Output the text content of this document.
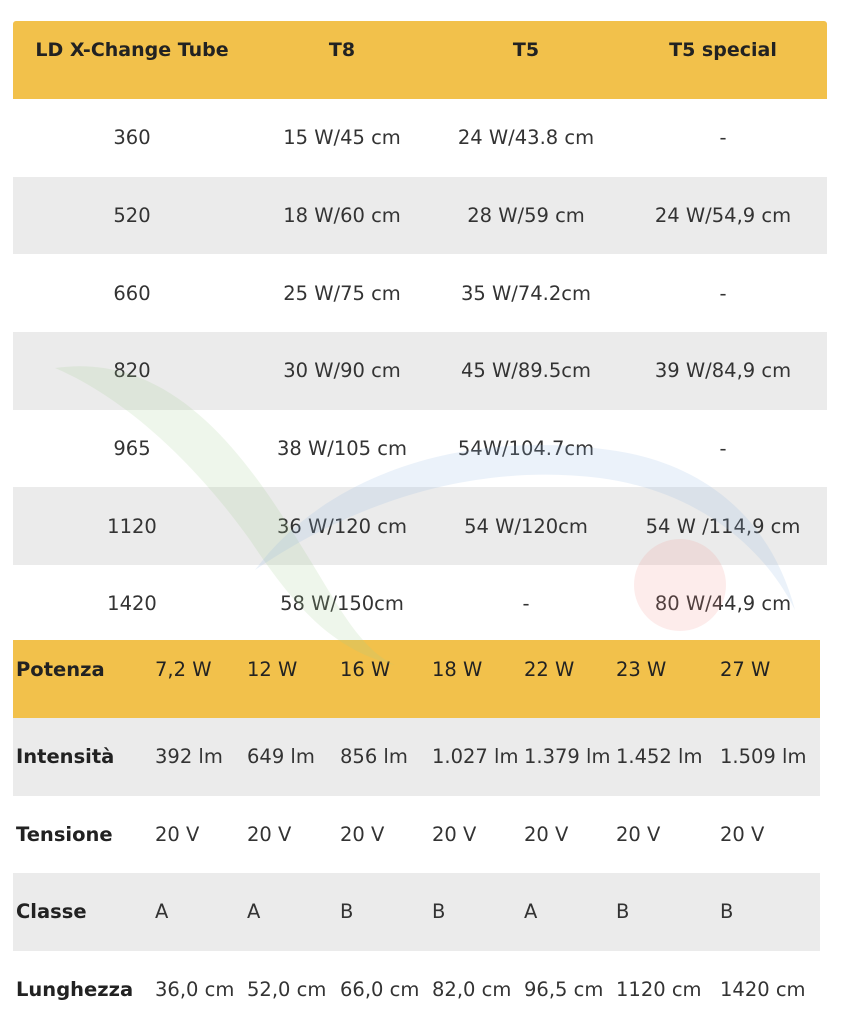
LD X-Change Tube	T8	T5	T5 special
360	15 W/45 cm	24 W/43.8 cm	-
520	18 W/60 cm	28 W/59 cm	24 W/54,9 cm
660	25 W/75 cm	35 W/74.2cm	-
820	30 W/90 cm	45 W/89.5cm	39 W/84,9 cm
965	38 W/105 cm	54W/104.7cm	-
1120	36 W/120 cm	54 W/120cm	54 W /114,9 cm
1420	58 W/150cm	-	80 W/44,9 cm
Potenza	7,2 W	12 W	16 W	18 W	22 W	23 W	27 W
Intensità	392 lm	649 lm	856 lm	1.027 lm 1.379 lm 1.452 lm 1.509 lm
Tensione	20 V	20 V	20 V	20 V	20 V	20 V	20 V
Classe	A	A	B	B	A	B	B
Lunghezza	36,0 cm 52,0 cm 66,0 cm 82,0 cm 96,5 cm 1120 cm 1420 cm
